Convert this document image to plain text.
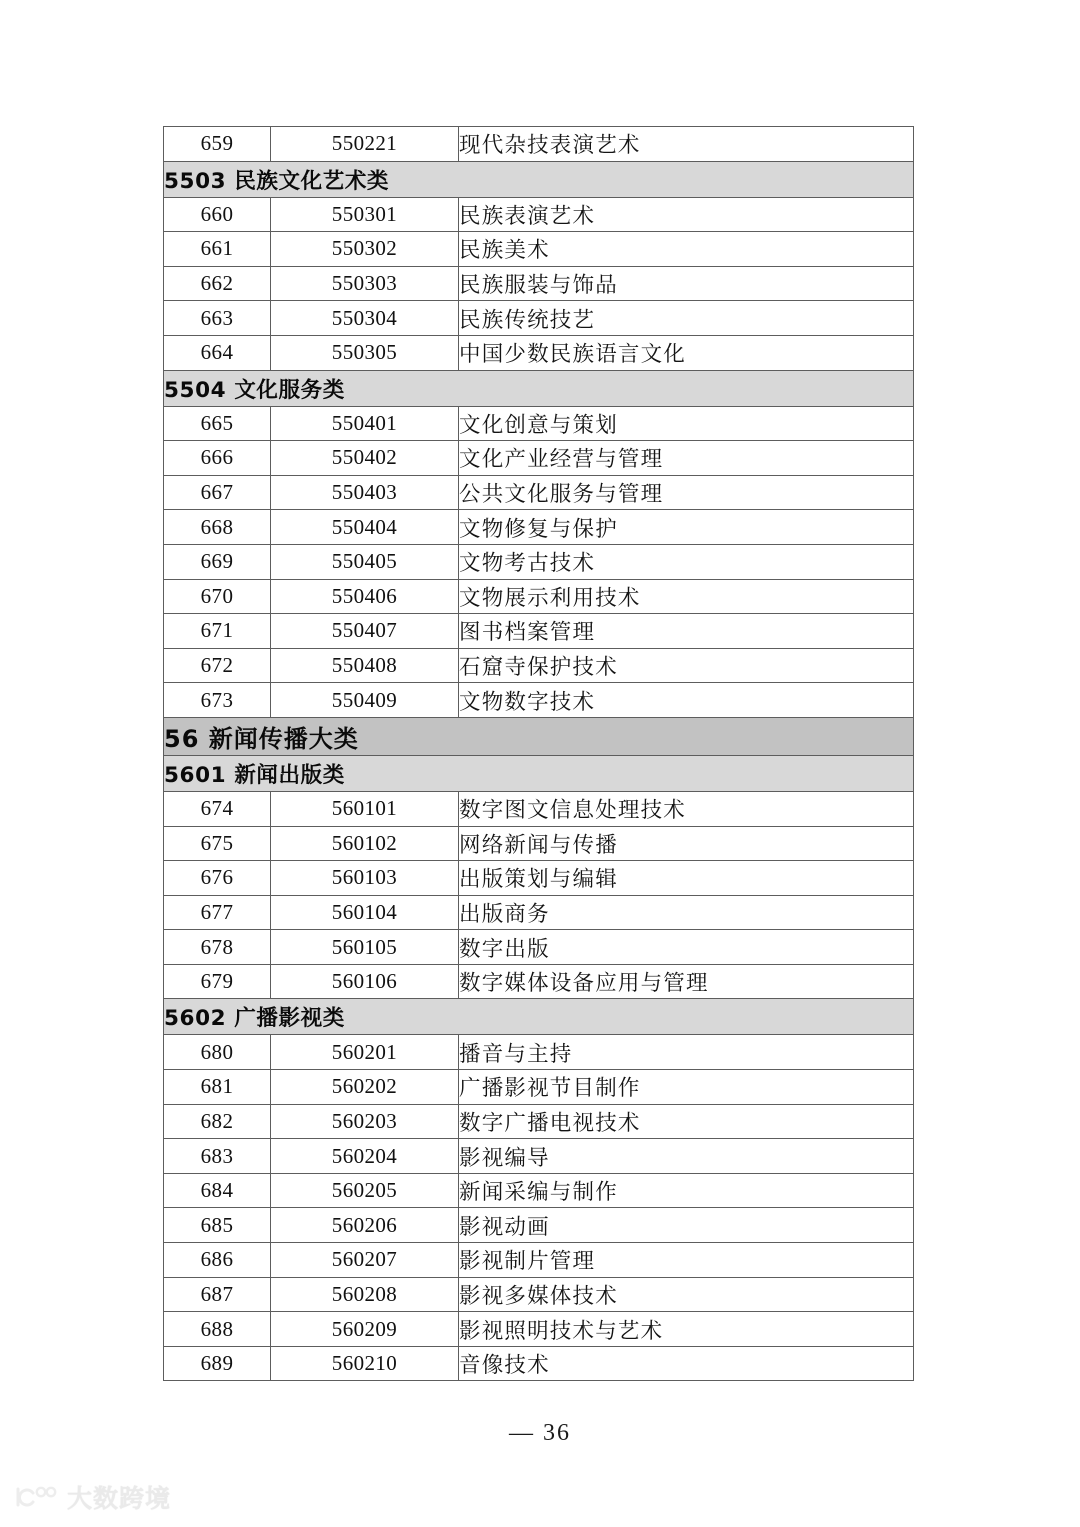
659	550221	现代杂技表演艺术
5503 民族文化艺术类		
660	550301	民族表演艺术
661	550302	民族美术
662	550303	民族服装与饰品
663	550304	民族传统技艺
664	550305	中国少数民族语言文化
5504 文化服务类		
665	550401	文化创意与策划
666	550402	文化产业经营与管理
667	550403	公共文化服务与管理
668	550404	文物修复与保护
669	550405	文物考古技术
670	550406	文物展示利用技术
671	550407	图书档案管理
672	550408	石窟寺保护技术
673	550409	文物数字技术
56 新闻传播大类		
5601 新闻出版类		
674	560101	数字图文信息处理技术
675	560102	网络新闻与传播
676	560103	出版策划与编辑
677	560104	出版商务
678	560105	数字出版
679	560106	数字媒体设备应用与管理
5602 广播影视类		
680	560201	播音与主持
681	560202	广播影视节目制作
682	560203	数字广播电视技术
683	560204	影视编导
684	560205	新闻采编与制作
685	560206	影视动画
686	560207	影视制片管理
687	560208	影视多媒体技术
688	560209	影视照明技术与艺术
689	560210	音像技术
— 36
大数跨境
